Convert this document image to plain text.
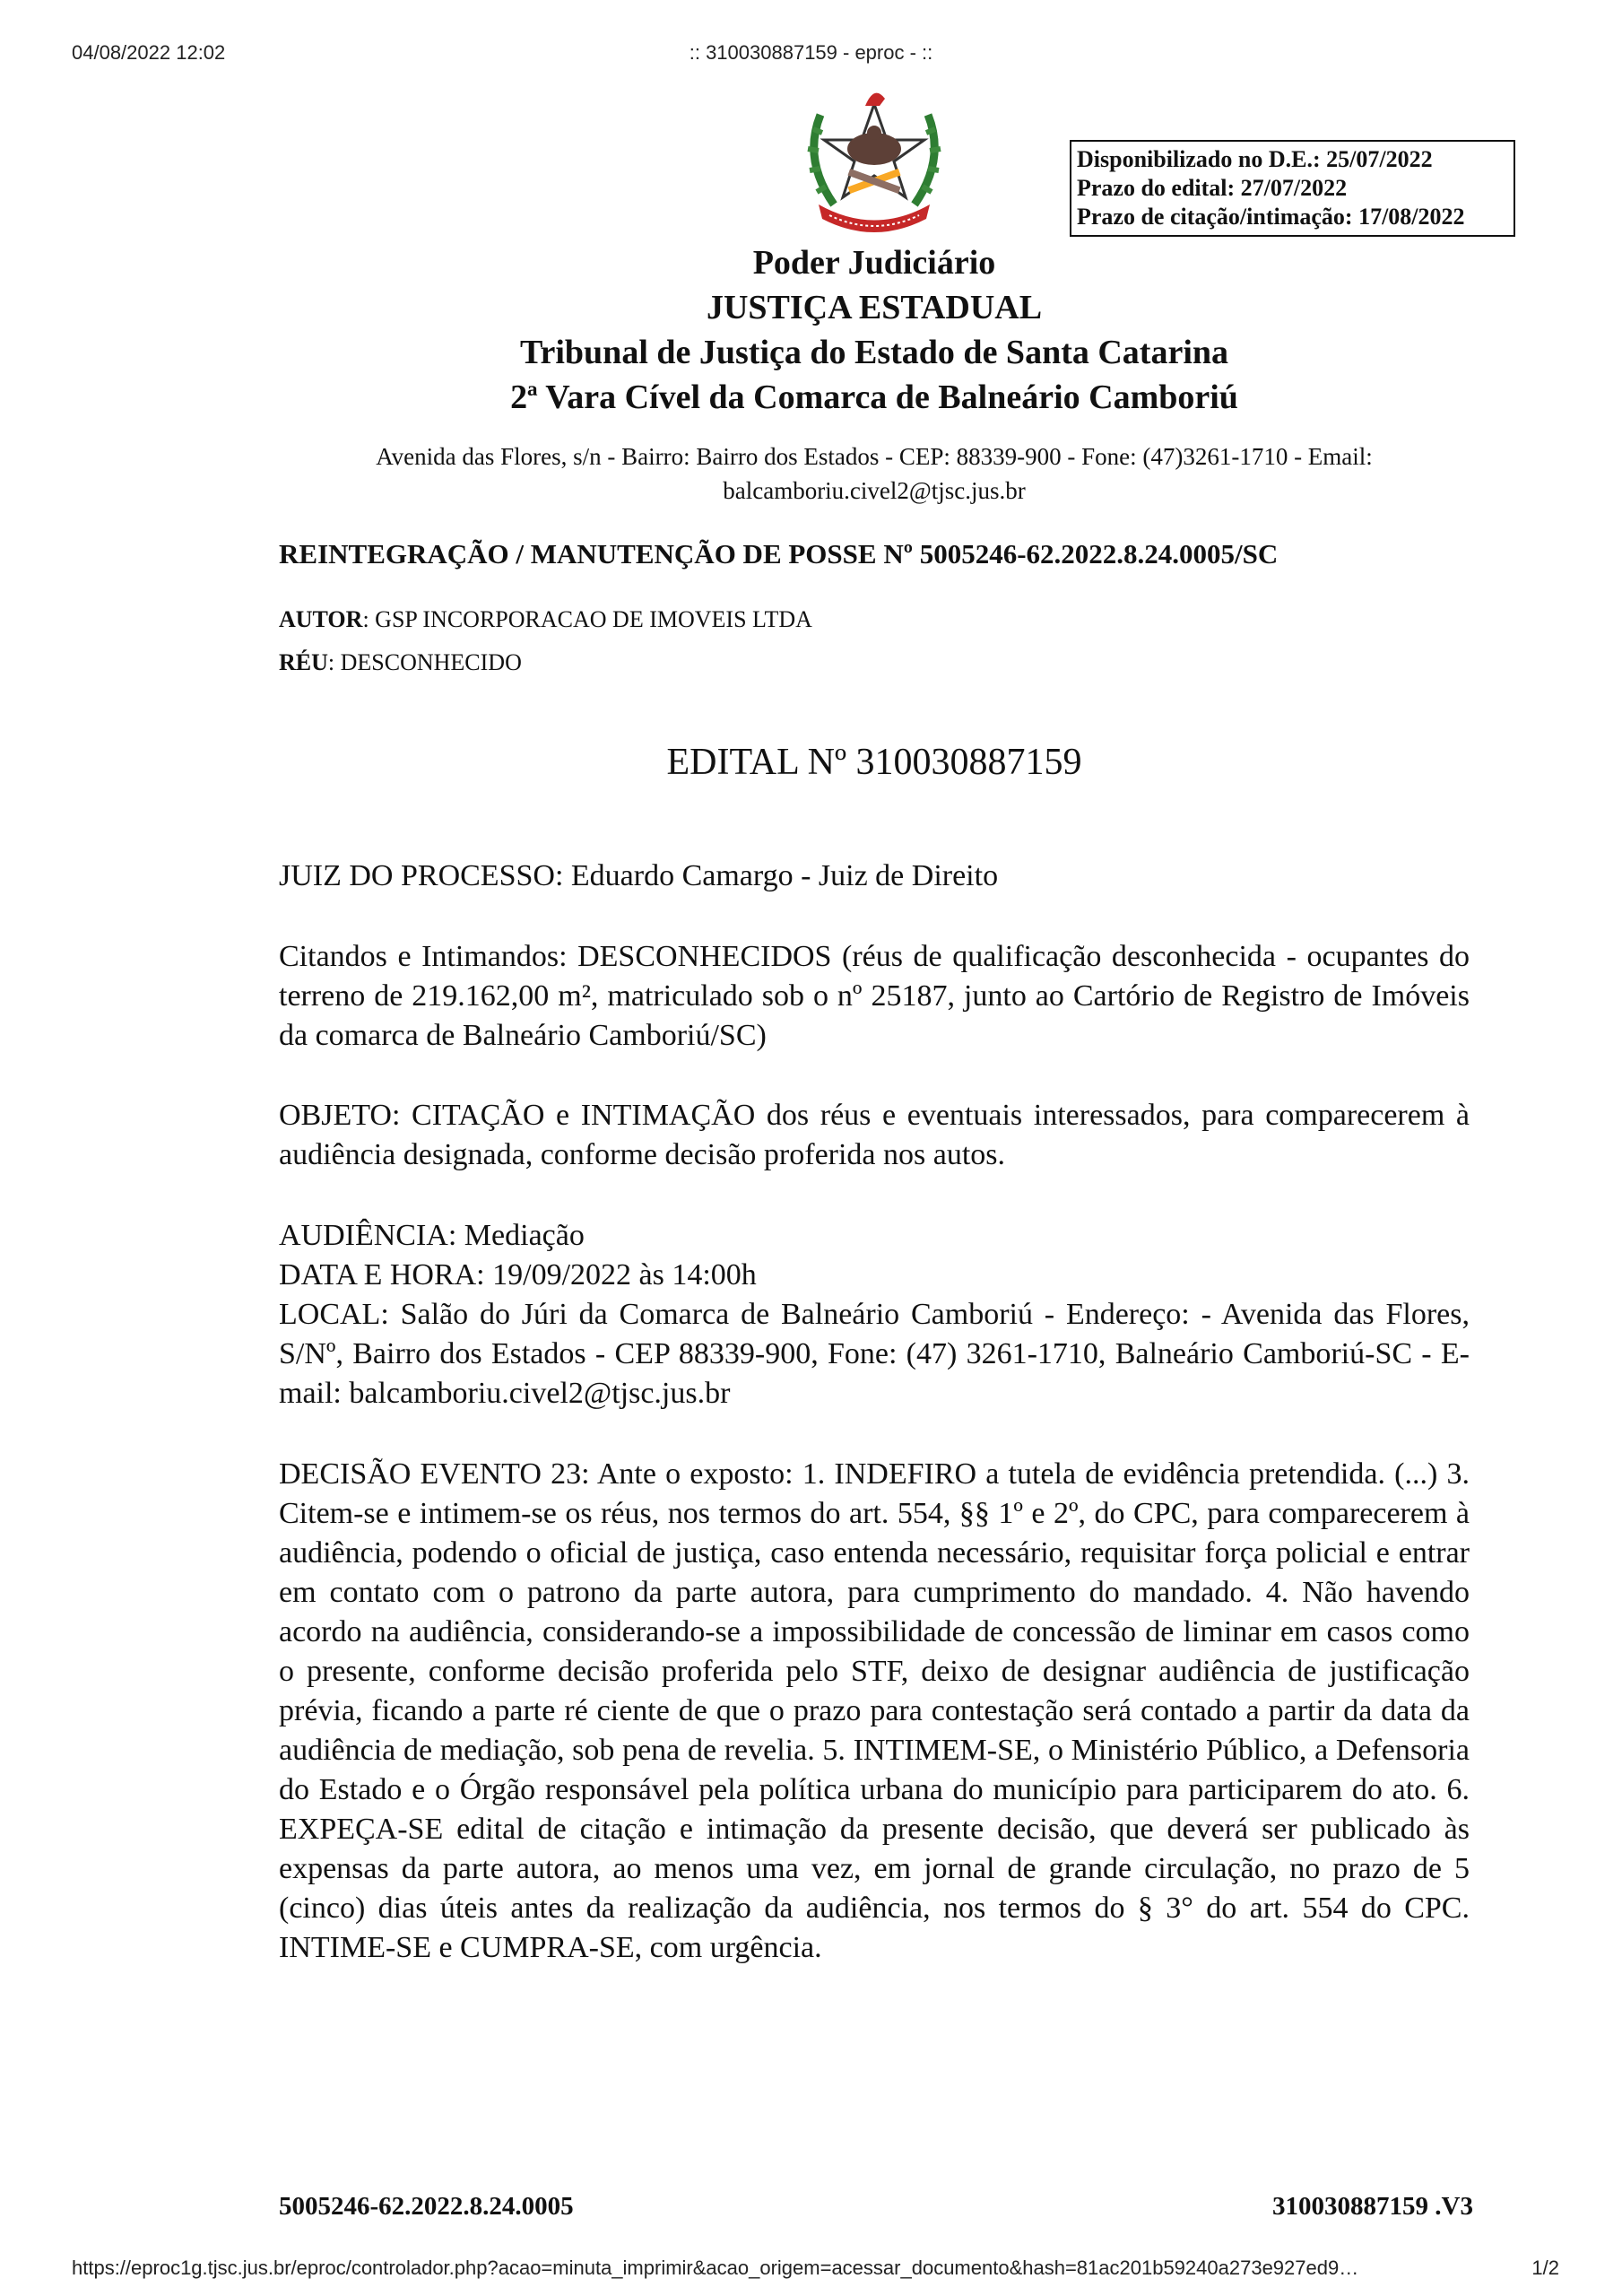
04/08/2022 12:02	:: 310030887159 - eproc - ::
Disponibilizado no D.E.: 25/07/2022
Prazo do edital: 27/07/2022
Prazo de citação/intimação: 17/08/2022
Poder Judiciário
JUSTIÇA ESTADUAL
Tribunal de Justiça do Estado de Santa Catarina
2ª Vara Cível da Comarca de Balneário Camboriú
Avenida das Flores, s/n - Bairro: Bairro dos Estados - CEP: 88339-900 - Fone: (47)3261-1710 - Email: balcamboriu.civel2@tjsc.jus.br
REINTEGRAÇÃO / MANUTENÇÃO DE POSSE Nº 5005246-62.2022.8.24.0005/SC
AUTOR: GSP INCORPORACAO DE IMOVEIS LTDA
RÉU: DESCONHECIDO
EDITAL Nº 310030887159
JUIZ DO PROCESSO: Eduardo Camargo - Juiz de Direito
Citandos e Intimandos: DESCONHECIDOS (réus de qualificação desconhecida - ocupantes do terreno de 219.162,00 m², matriculado sob o nº 25187, junto ao Cartório de Registro de Imóveis da comarca de Balneário Camboriú/SC)
OBJETO: CITAÇÃO e INTIMAÇÃO dos réus e eventuais interessados, para comparecerem à audiência designada, conforme decisão proferida nos autos.
AUDIÊNCIA: Mediação
DATA E HORA: 19/09/2022 às 14:00h
LOCAL: Salão do Júri da Comarca de Balneário Camboriú - Endereço: - Avenida das Flores, S/Nº, Bairro dos Estados - CEP 88339-900, Fone: (47) 3261-1710, Balneário Camboriú-SC - E-mail: balcamboriu.civel2@tjsc.jus.br
DECISÃO EVENTO 23: Ante o exposto: 1. INDEFIRO a tutela de evidência pretendida. (...) 3. Citem-se e intimem-se os réus, nos termos do art. 554, §§ 1º e 2º, do CPC, para comparecerem à audiência, podendo o oficial de justiça, caso entenda necessário, requisitar força policial e entrar em contato com o patrono da parte autora, para cumprimento do mandado. 4. Não havendo acordo na audiência, considerando-se a impossibilidade de concessão de liminar em casos como o presente, conforme decisão proferida pelo STF, deixo de designar audiência de justificação prévia, ficando a parte ré ciente de que o prazo para contestação será contado a partir da data da audiência de mediação, sob pena de revelia. 5. INTIMEM-SE, o Ministério Público, a Defensoria do Estado e o Órgão responsável pela política urbana do município para participarem do ato. 6. EXPEÇA-SE edital de citação e intimação da presente decisão, que deverá ser publicado às expensas da parte autora, ao menos uma vez, em jornal de grande circulação, no prazo de 5 (cinco) dias úteis antes da realização da audiência, nos termos do § 3° do art. 554 do CPC. INTIME-SE e CUMPRA-SE, com urgência.
5005246-62.2022.8.24.0005	310030887159 .V3
https://eproc1g.tjsc.jus.br/eproc/controlador.php?acao=minuta_imprimir&acao_origem=acessar_documento&hash=81ac201b59240a273e927ed9…	1/2
